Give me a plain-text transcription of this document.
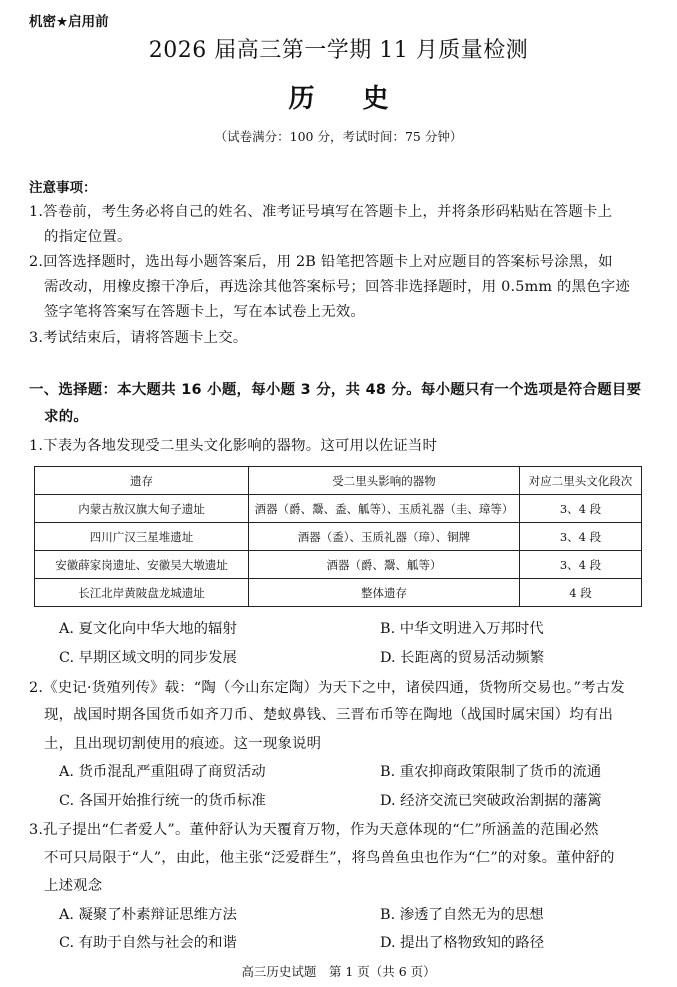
机密★启用前
2026 届高三第一学期 11 月质量检测
历史
（试卷满分：100 分，考试时间：75 分钟）
注意事项：
1.答卷前，考生务必将自己的姓名、准考证号填写在答题卡上，并将条形码粘贴在答题卡上
的指定位置。
2.回答选择题时，选出每小题答案后，用 2B 铅笔把答题卡上对应题目的答案标号涂黑，如
需改动，用橡皮擦干净后，再选涂其他答案标号；回答非选择题时，用 0.5mm 的黑色字迹
签字笔将答案写在答题卡上，写在本试卷上无效。
3.考试结束后，请将答题卡上交。
一、选择题：本大题共 16 小题，每小题 3 分，共 48 分。每小题只有一个选项是符合题目要
求的。
1.下表为各地发现受二里头文化影响的器物。这可用以佐证当时
遗存	受二里头影响的器物	对应二里头文化段次
内蒙古敖汉旗大甸子遗址	酒器（爵、鬶、盉、觚等）、玉质礼器（圭、璋等）	3、4 段
四川广汉三星堆遗址	酒器（盉）、玉质礼器（璋）、铜牌	3、4 段
安徽薛家岗遗址、安徽吴大墩遗址	酒器（爵、鬶、觚等）	3、4 段
长江北岸黄陂盘龙城遗址	整体遗存	4 段
A. 夏文化向中华大地的辐射	B. 中华文明进入万邦时代
C. 早期区域文明的同步发展	D. 长距离的贸易活动频繁
2.《史记·货殖列传》载：“陶（今山东定陶）为天下之中，诸侯四通，货物所交易也。”考古发
现，战国时期各国货币如齐刀币、楚蚁鼻钱、三晋布币等在陶地（战国时属宋国）均有出
土，且出现切割使用的痕迹。这一现象说明
A. 货币混乱严重阻碍了商贸活动	B. 重农抑商政策限制了货币的流通
C. 各国开始推行统一的货币标准	D. 经济交流已突破政治割据的藩篱
3.孔子提出“仁者爱人”。董仲舒认为天覆育万物，作为天意体现的“仁”所涵盖的范围必然
不可只局限于“人”，由此，他主张“泛爱群生”，将鸟兽鱼虫也作为“仁”的对象。董仲舒的
上述观念
A. 凝聚了朴素辩证思维方法	B. 渗透了自然无为的思想
C. 有助于自然与社会的和谐	D. 提出了格物致知的路径
高三历史试题　第 1 页（共 6 页）
